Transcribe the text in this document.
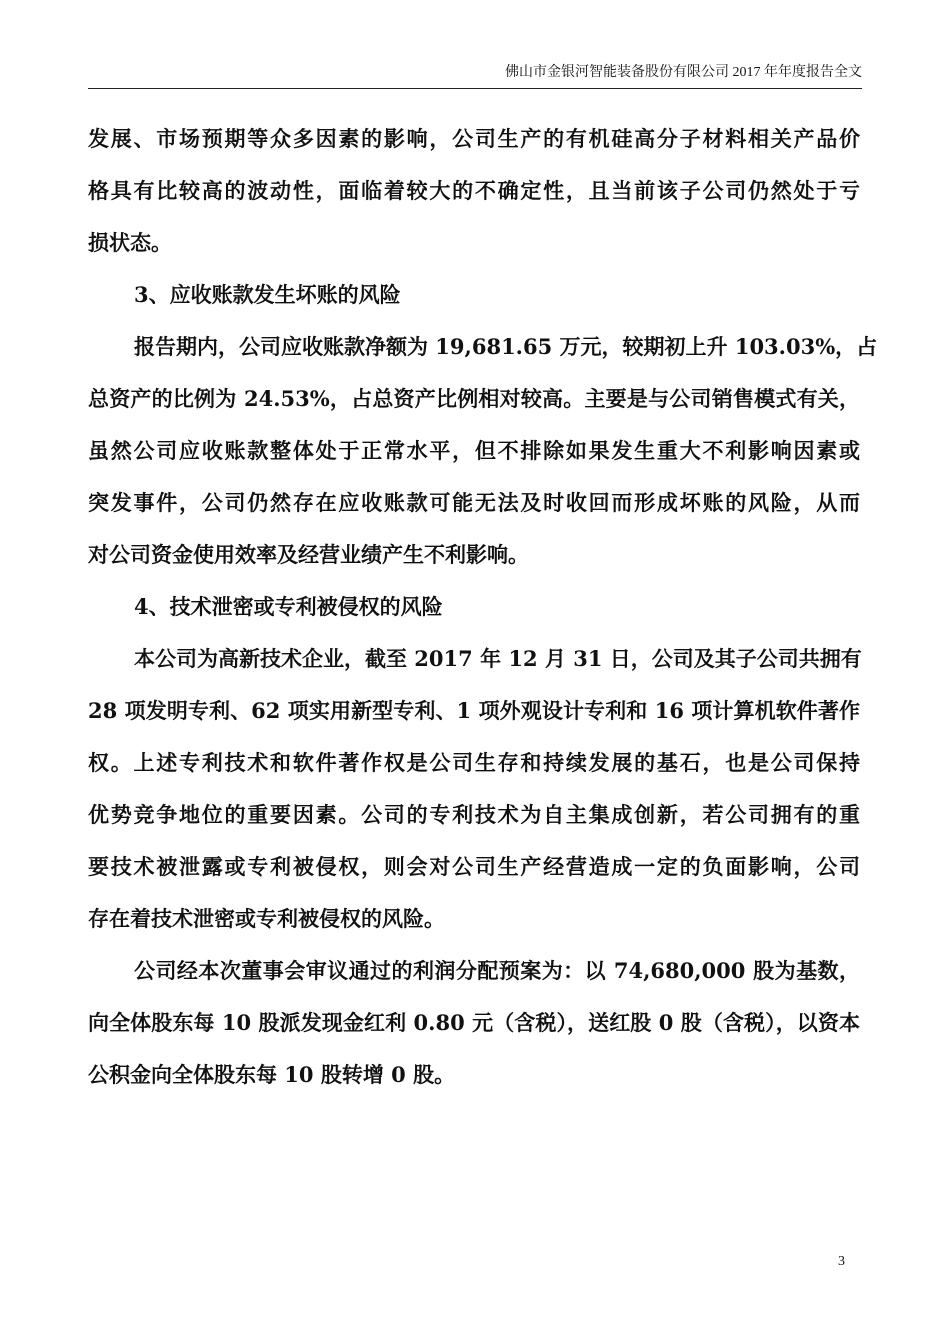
佛山市金银河智能装备股份有限公司 2017 年年度报告全文
发展、市场预期等众多因素的影响，公司生产的有机硅高分子材料相关产品价
格具有比较高的波动性，面临着较大的不确定性，且当前该子公司仍然处于亏
损状态。
3、应收账款发生坏账的风险
报告期内，公司应收账款净额为 19,681.65 万元，较期初上升 103.03%，占
总资产的比例为 24.53%，占总资产比例相对较高。主要是与公司销售模式有关，
虽然公司应收账款整体处于正常水平，但不排除如果发生重大不利影响因素或
突发事件，公司仍然存在应收账款可能无法及时收回而形成坏账的风险，从而
对公司资金使用效率及经营业绩产生不利影响。
4、技术泄密或专利被侵权的风险
本公司为高新技术企业，截至 2017 年 12 月 31 日，公司及其子公司共拥有
28 项发明专利、62 项实用新型专利、1 项外观设计专利和 16 项计算机软件著作
权。上述专利技术和软件著作权是公司生存和持续发展的基石，也是公司保持
优势竞争地位的重要因素。公司的专利技术为自主集成创新，若公司拥有的重
要技术被泄露或专利被侵权，则会对公司生产经营造成一定的负面影响，公司
存在着技术泄密或专利被侵权的风险。
公司经本次董事会审议通过的利润分配预案为：以 74,680,000 股为基数，
向全体股东每 10 股派发现金红利 0.80 元（含税），送红股 0 股（含税），以资本
公积金向全体股东每 10 股转增 0 股。
3
